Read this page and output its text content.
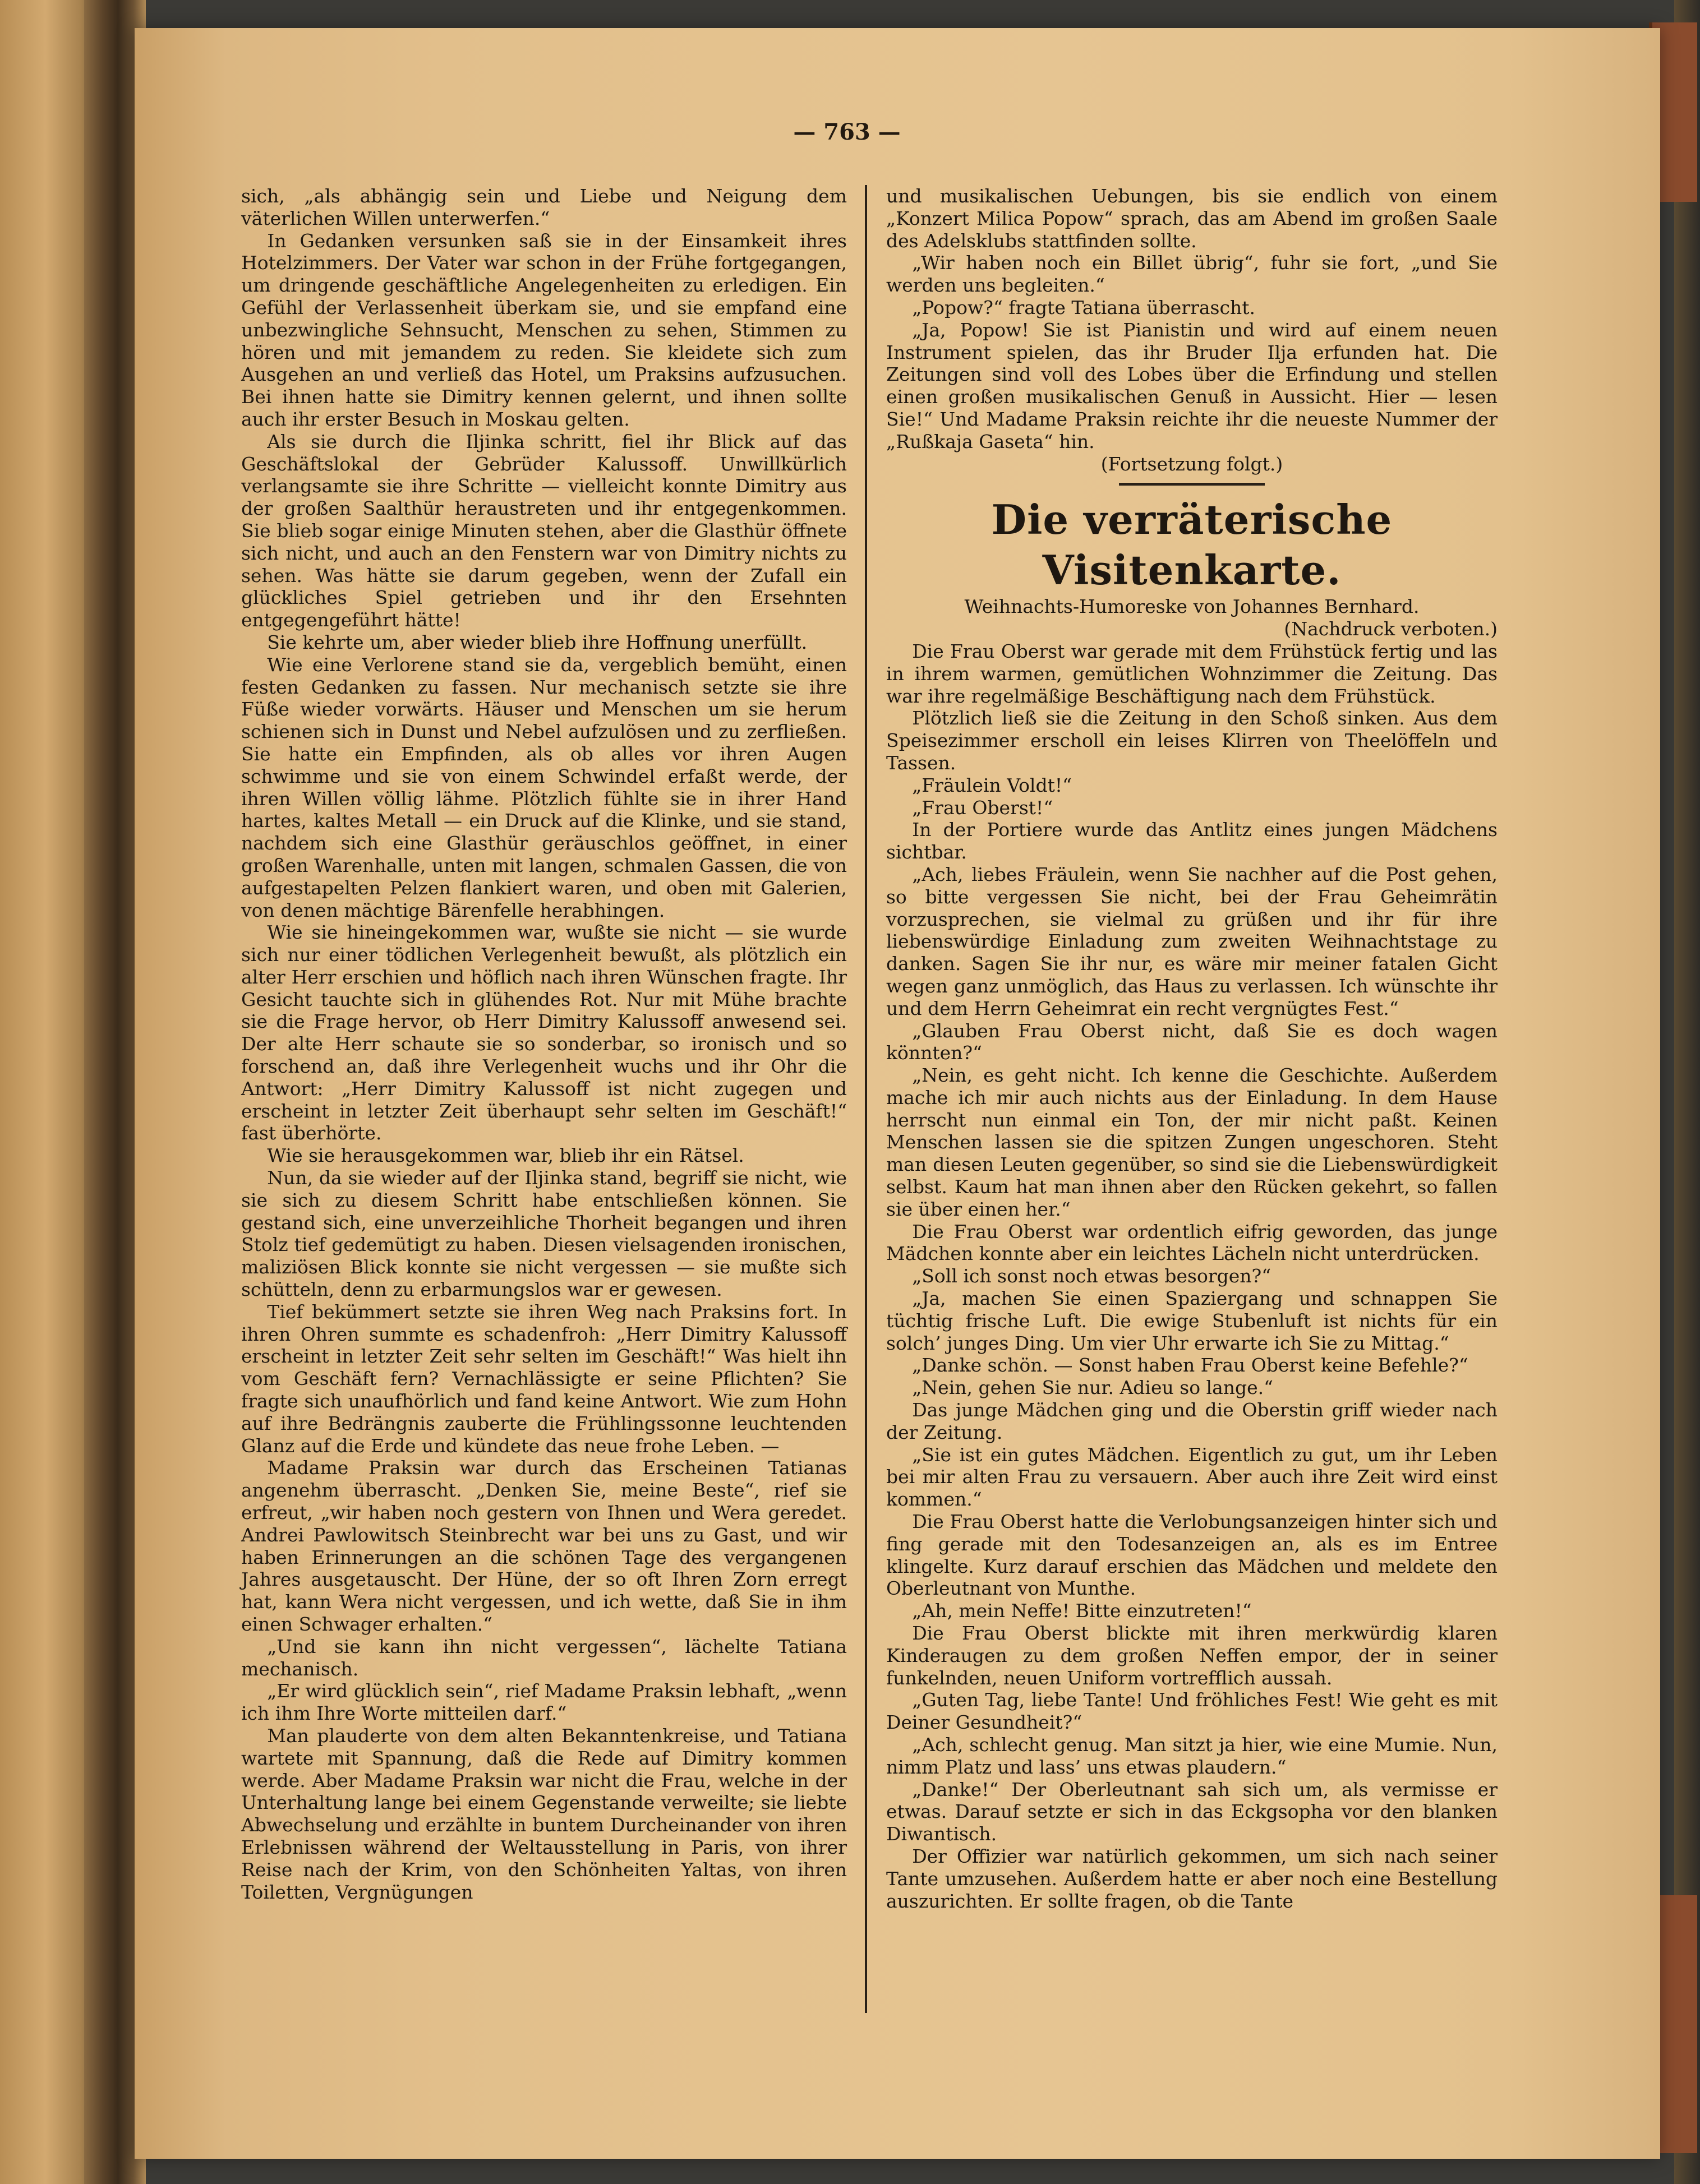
— 763 —

sich, „als abhängig sein und Liebe und Neigung dem väterlichen Willen unterwerfen.“

In Gedanken versunken saß sie in der Einsamkeit ihres Hotelzimmers. Der Vater war schon in der Frühe fortgegangen, um dringende geschäftliche Angelegenheiten zu erledigen. Ein Gefühl der Verlassenheit überkam sie, und sie empfand eine unbezwingliche Sehnsucht, Menschen zu sehen, Stimmen zu hören und mit jemandem zu reden. Sie kleidete sich zum Ausgehen an und verließ das Hotel, um Praksins aufzusuchen. Bei ihnen hatte sie Dimitry kennen gelernt, und ihnen sollte auch ihr erster Besuch in Moskau gelten.

Als sie durch die Iljinka schritt, fiel ihr Blick auf das Geschäftslokal der Gebrüder Kalussoff. Unwillkürlich verlangsamte sie ihre Schritte — vielleicht konnte Dimitry aus der großen Saalthür heraustreten und ihr entgegenkommen. Sie blieb sogar einige Minuten stehen, aber die Glasthür öffnete sich nicht, und auch an den Fenstern war von Dimitry nichts zu sehen. Was hätte sie darum gegeben, wenn der Zufall ein glückliches Spiel getrieben und ihr den Ersehnten entgegengeführt hätte!

Sie kehrte um, aber wieder blieb ihre Hoffnung unerfüllt.

Wie eine Verlorene stand sie da, vergeblich bemüht, einen festen Gedanken zu fassen. Nur mechanisch setzte sie ihre Füße wieder vorwärts. Häuser und Menschen um sie herum schienen sich in Dunst und Nebel aufzulösen und zu zerfließen. Sie hatte ein Empfinden, als ob alles vor ihren Augen schwimme und sie von einem Schwindel erfaßt werde, der ihren Willen völlig lähme. Plötzlich fühlte sie in ihrer Hand hartes, kaltes Metall — ein Druck auf die Klinke, und sie stand, nachdem sich eine Glasthür geräuschlos geöffnet, in einer großen Warenhalle, unten mit langen, schmalen Gassen, die von aufgestapelten Pelzen flankiert waren, und oben mit Galerien, von denen mächtige Bärenfelle herabhingen.

Wie sie hineingekommen war, wußte sie nicht — sie wurde sich nur einer tödlichen Verlegenheit bewußt, als plötzlich ein alter Herr erschien und höflich nach ihren Wünschen fragte. Ihr Gesicht tauchte sich in glühendes Rot. Nur mit Mühe brachte sie die Frage hervor, ob Herr Dimitry Kalussoff anwesend sei. Der alte Herr schaute sie so sonderbar, so ironisch und so forschend an, daß ihre Verlegenheit wuchs und ihr Ohr die Antwort: „Herr Dimitry Kalussoff ist nicht zugegen und erscheint in letzter Zeit überhaupt sehr selten im Geschäft!“ fast überhörte.

Wie sie herausgekommen war, blieb ihr ein Rätsel.

Nun, da sie wieder auf der Iljinka stand, begriff sie nicht, wie sie sich zu diesem Schritt habe entschließen können. Sie gestand sich, eine unverzeihliche Thorheit begangen und ihren Stolz tief gedemütigt zu haben. Diesen vielsagenden ironischen, maliziösen Blick konnte sie nicht vergessen — sie mußte sich schütteln, denn zu erbarmungslos war er gewesen.

Tief bekümmert setzte sie ihren Weg nach Praksins fort. In ihren Ohren summte es schadenfroh: „Herr Dimitry Kalussoff erscheint in letzter Zeit sehr selten im Geschäft!“ Was hielt ihn vom Geschäft fern? Vernachlässigte er seine Pflichten? Sie fragte sich unaufhörlich und fand keine Antwort. Wie zum Hohn auf ihre Bedrängnis zauberte die Frühlingssonne leuchtenden Glanz auf die Erde und kündete das neue frohe Leben. —

Madame Praksin war durch das Erscheinen Tatianas angenehm überrascht. „Denken Sie, meine Beste“, rief sie erfreut, „wir haben noch gestern von Ihnen und Wera geredet. Andrei Pawlowitsch Steinbrecht war bei uns zu Gast, und wir haben Erinnerungen an die schönen Tage des vergangenen Jahres ausgetauscht. Der Hüne, der so oft Ihren Zorn erregt hat, kann Wera nicht vergessen, und ich wette, daß Sie in ihm einen Schwager erhalten.“

„Und sie kann ihn nicht vergessen“, lächelte Tatiana mechanisch.

„Er wird glücklich sein“, rief Madame Praksin lebhaft, „wenn ich ihm Ihre Worte mitteilen darf.“

Man plauderte von dem alten Bekanntenkreise, und Tatiana wartete mit Spannung, daß die Rede auf Dimitry kommen werde. Aber Madame Praksin war nicht die Frau, welche in der Unterhaltung lange bei einem Gegenstande verweilte; sie liebte Abwechselung und erzählte in buntem Durcheinander von ihren Erlebnissen während der Weltausstellung in Paris, von ihrer Reise nach der Krim, von den Schönheiten Yaltas, von ihren Toiletten, Vergnügungen

und musikalischen Uebungen, bis sie endlich von einem „Konzert Milica Popow“ sprach, das am Abend im großen Saale des Adelsklubs stattfinden sollte.

„Wir haben noch ein Billet übrig“, fuhr sie fort, „und Sie werden uns begleiten.“

„Popow?“ fragte Tatiana überrascht.

„Ja, Popow! Sie ist Pianistin und wird auf einem neuen Instrument spielen, das ihr Bruder Ilja erfunden hat. Die Zeitungen sind voll des Lobes über die Erfindung und stellen einen großen musikalischen Genuß in Aussicht. Hier — lesen Sie!“ Und Madame Praksin reichte ihr die neueste Nummer der „Rußkaja Gaseta“ hin.

(Fortsetzung folgt.)

Die verräterische Visitenkarte.

Weihnachts-Humoreske von Johannes Bernhard.

(Nachdruck verboten.)

Die Frau Oberst war gerade mit dem Frühstück fertig und las in ihrem warmen, gemütlichen Wohnzimmer die Zeitung. Das war ihre regelmäßige Beschäftigung nach dem Frühstück.

Plötzlich ließ sie die Zeitung in den Schoß sinken. Aus dem Speisezimmer erscholl ein leises Klirren von Theelöffeln und Tassen.

„Fräulein Voldt!“

„Frau Oberst!“

In der Portiere wurde das Antlitz eines jungen Mädchens sichtbar.

„Ach, liebes Fräulein, wenn Sie nachher auf die Post gehen, so bitte vergessen Sie nicht, bei der Frau Geheimrätin vorzusprechen, sie vielmal zu grüßen und ihr für ihre liebenswürdige Einladung zum zweiten Weihnachtstage zu danken. Sagen Sie ihr nur, es wäre mir meiner fatalen Gicht wegen ganz unmöglich, das Haus zu verlassen. Ich wünschte ihr und dem Herrn Geheimrat ein recht vergnügtes Fest.“

„Glauben Frau Oberst nicht, daß Sie es doch wagen könnten?“

„Nein, es geht nicht. Ich kenne die Geschichte. Außerdem mache ich mir auch nichts aus der Einladung. In dem Hause herrscht nun einmal ein Ton, der mir nicht paßt. Keinen Menschen lassen sie die spitzen Zungen ungeschoren. Steht man diesen Leuten gegenüber, so sind sie die Liebenswürdigkeit selbst. Kaum hat man ihnen aber den Rücken gekehrt, so fallen sie über einen her.“

Die Frau Oberst war ordentlich eifrig geworden, das junge Mädchen konnte aber ein leichtes Lächeln nicht unterdrücken.

„Soll ich sonst noch etwas besorgen?“

„Ja, machen Sie einen Spaziergang und schnappen Sie tüchtig frische Luft. Die ewige Stubenluft ist nichts für ein solch’ junges Ding. Um vier Uhr erwarte ich Sie zu Mittag.“

„Danke schön. — Sonst haben Frau Oberst keine Befehle?“

„Nein, gehen Sie nur. Adieu so lange.“

Das junge Mädchen ging und die Oberstin griff wieder nach der Zeitung.

„Sie ist ein gutes Mädchen. Eigentlich zu gut, um ihr Leben bei mir alten Frau zu versauern. Aber auch ihre Zeit wird einst kommen.“

Die Frau Oberst hatte die Verlobungsanzeigen hinter sich und fing gerade mit den Todesanzeigen an, als es im Entree klingelte. Kurz darauf erschien das Mädchen und meldete den Oberleutnant von Munthe.

„Ah, mein Neffe! Bitte einzutreten!“

Die Frau Oberst blickte mit ihren merkwürdig klaren Kinderaugen zu dem großen Neffen empor, der in seiner funkelnden, neuen Uniform vortrefflich aussah.

„Guten Tag, liebe Tante! Und fröhliches Fest! Wie geht es mit Deiner Gesundheit?“

„Ach, schlecht genug. Man sitzt ja hier, wie eine Mumie. Nun, nimm Platz und lass’ uns etwas plaudern.“

„Danke!“ Der Oberleutnant sah sich um, als vermisse er etwas. Darauf setzte er sich in das Eckgsopha vor den blanken Diwantisch.

Der Offizier war natürlich gekommen, um sich nach seiner Tante umzusehen. Außerdem hatte er aber noch eine Bestellung auszurichten. Er sollte fragen, ob die Tante
